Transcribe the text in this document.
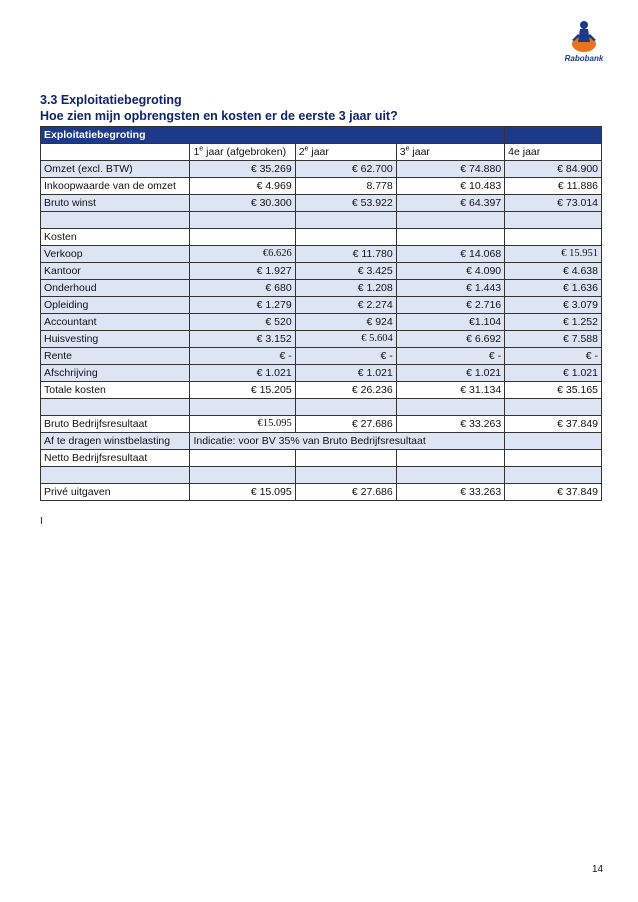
Rabobank
3.3 Exploitatiebegroting
Hoe zien mijn opbrengsten en kosten er de eerste 3 jaar uit?
Exploitatiebegroting				
	1e jaar (afgebroken)	2e jaar	3e jaar	4e jaar
Omzet (excl. BTW)	€ 35.269	€ 62.700	€ 74.880	€ 84.900
Inkoopwaarde van de omzet	€ 4.969	8.778	€ 10.483	€ 11.886
Bruto winst	€ 30.300	€ 53.922	€ 64.397	€ 73.014

Kosten				
Verkoop	€6.626	€ 11.780	€ 14.068	€ 15.951
Kantoor	€ 1.927	€ 3.425	€ 4.090	€ 4.638
Onderhoud	€ 680	€ 1.208	€ 1.443	€ 1.636
Opleiding	€ 1.279	€ 2.274	€ 2.716	€ 3.079
Accountant	€ 520	€ 924	€1.104	€ 1.252
Huisvesting	€ 3.152	€ 5.604	€ 6.692	€ 7.588
Rente	€ -	€ -	€ -	€ -
Afschrijving	€ 1.021	€ 1.021	€ 1.021	€ 1.021
Totale kosten	€ 15.205	€ 26.236	€ 31.134	€ 35.165

Bruto Bedrijfsresultaat	€15.095	€ 27.686	€ 33.263	€ 37.849
Af te dragen winstbelasting	Indicatie: voor BV 35% van Bruto Bedrijfsresultaat			
Netto Bedrijfsresultaat				

Privé uitgaven	€ 15.095	€ 27.686	€ 33.263	€ 37.849
I
14
